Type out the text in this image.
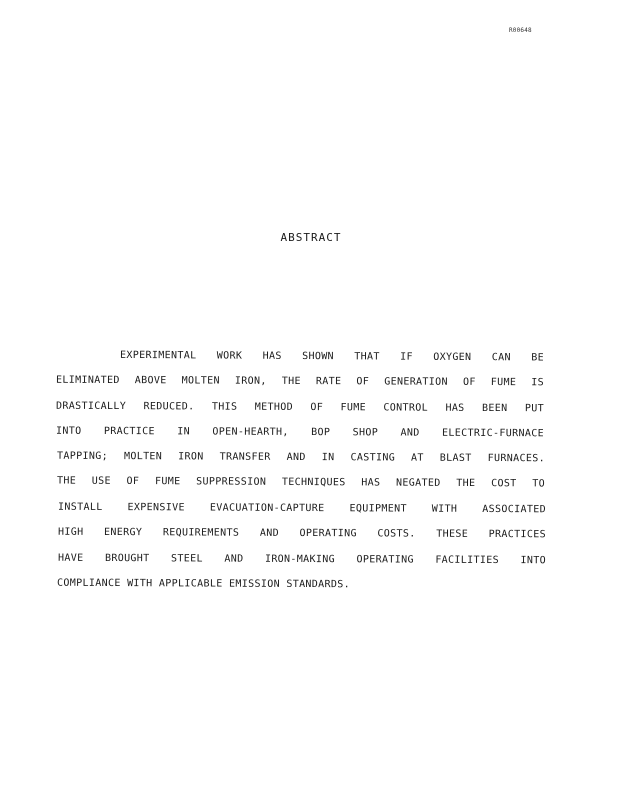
R00648
ABSTRACT
EXPERIMENTAL WORK HAS SHOWN THAT IF OXYGEN CAN BE
ELIMINATED ABOVE MOLTEN IRON, THE RATE OF GENERATION OF FUME IS
DRASTICALLY REDUCED. THIS METHOD OF FUME CONTROL HAS BEEN PUT
INTO PRACTICE IN OPEN-HEARTH, BOP SHOP AND ELECTRIC-FURNACE
TAPPING; MOLTEN IRON TRANSFER AND IN CASTING AT BLAST FURNACES.
THE USE OF FUME SUPPRESSION TECHNIQUES HAS NEGATED THE COST TO
INSTALL EXPENSIVE EVACUATION-CAPTURE EQUIPMENT WITH ASSOCIATED
HIGH ENERGY REQUIREMENTS AND OPERATING COSTS. THESE PRACTICES
HAVE BROUGHT STEEL AND IRON-MAKING OPERATING FACILITIES INTO
COMPLIANCE WITH APPLICABLE EMISSION STANDARDS.
